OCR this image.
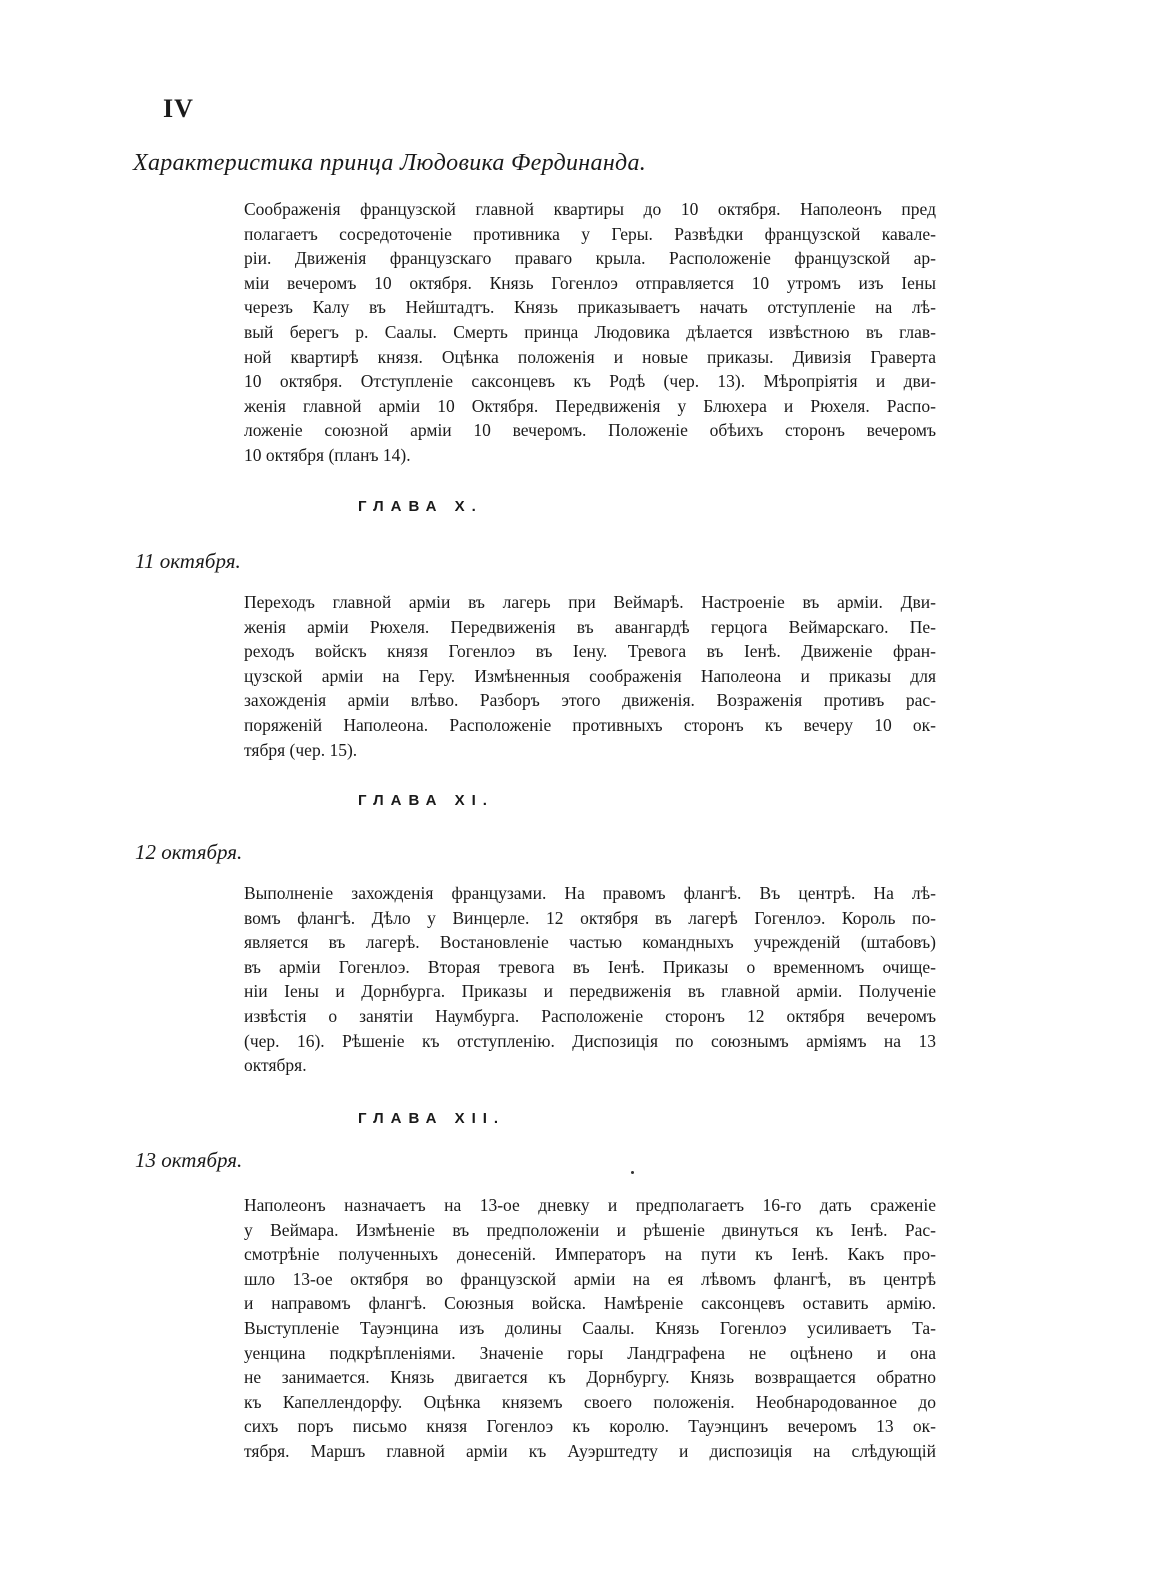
IV
Характеристика принца Людовика Фердинанда.
Соображенія французской главной квартиры до 10 октября. Наполеонъ пред
полагаетъ сосредоточеніе противника у Геры. Развѣдки французской кавале-
ріи. Движенія французскаго праваго крыла. Расположеніе французской ар-
міи вечеромъ 10 октября. Князь Гогенлоэ отправляется 10 утромъ изъ Іены
черезъ Калу въ Нейштадтъ. Князь приказываетъ начать отступленіе на лѣ-
вый берегъ р. Саалы. Смерть принца Людовика дѣлается извѣстною въ глав-
ной квартирѣ князя. Оцѣнка положенія и новые приказы. Дивизія Граверта
10 октября. Отступленіе саксонцевъ къ Родѣ (чер. 13). Мѣропріятія и дви-
женія главной арміи 10 Октября. Передвиженія у Блюхера и Рюхеля. Распо-
ложеніе союзной арміи 10 вечеромъ. Положеніе обѣихъ сторонъ вечеромъ
10 октября (планъ 14).
ГЛАВА X.
11 октября.
Переходъ главной арміи въ лагерь при Веймарѣ. Настроеніе въ арміи. Дви-
женія арміи Рюхеля. Передвиженія въ авангардѣ герцога Веймарскаго. Пе-
реходъ войскъ князя Гогенлоэ въ Іену. Тревога въ Іенѣ. Движеніе фран-
цузской арміи на Геру. Измѣненныя соображенія Наполеона и приказы для
захожденія арміи влѣво. Разборъ этого движенія. Возраженія противъ рас-
поряженій Наполеона. Расположеніе противныхъ сторонъ къ вечеру 10 ок-
тября (чер. 15).
ГЛАВА XI.
12 октября.
Выполненіе захожденія французами. На правомъ флангѣ. Въ центрѣ. На лѣ-
вомъ флангѣ. Дѣло у Винцерле. 12 октября въ лагерѣ Гогенлоэ. Король по-
является въ лагерѣ. Востановленіе частью командныхъ учрежденій (штабовъ)
въ арміи Гогенлоэ. Вторая тревога въ Іенѣ. Приказы о временномъ очище-
ніи Іены и Дорнбурга. Приказы и передвиженія въ главной арміи. Полученіе
извѣстія о занятіи Наумбурга. Расположеніе сторонъ 12 октября вечеромъ
(чер. 16). Рѣшеніе къ отступленію. Диспозиція по союзнымъ арміямъ на 13
октября.
ГЛАВА XII.
13 октября.
Наполеонъ назначаетъ на 13-ое дневку и предполагаетъ 16-го дать сраженіе
у Веймара. Измѣненіе въ предположеніи и рѣшеніе двинуться къ Іенѣ. Рас-
смотрѣніе полученныхъ донесеній. Императоръ на пути къ Іенѣ. Какъ про-
шло 13-ое октября во французской арміи на ея лѣвомъ флангѣ, въ центрѣ
и направомъ флангѣ. Союзныя войска. Намѣреніе саксонцевъ оставить армію.
Выступленіе Тауэнцина изъ долины Саалы. Князь Гогенлоэ усиливаетъ Та-
уенцина подкрѣпленіями. Значеніе горы Ландграфена не оцѣнено и она
не занимается. Князь двигается къ Дорнбургу. Князь возвращается обратно
къ Капеллендорфу. Оцѣнка княземъ своего положенія. Необнародованное до
сихъ поръ письмо князя Гогенлоэ къ королю. Тауэнцинъ вечеромъ 13 ок-
тября. Маршъ главной арміи къ Ауэрштедту и диспозиція на слѣдующій
